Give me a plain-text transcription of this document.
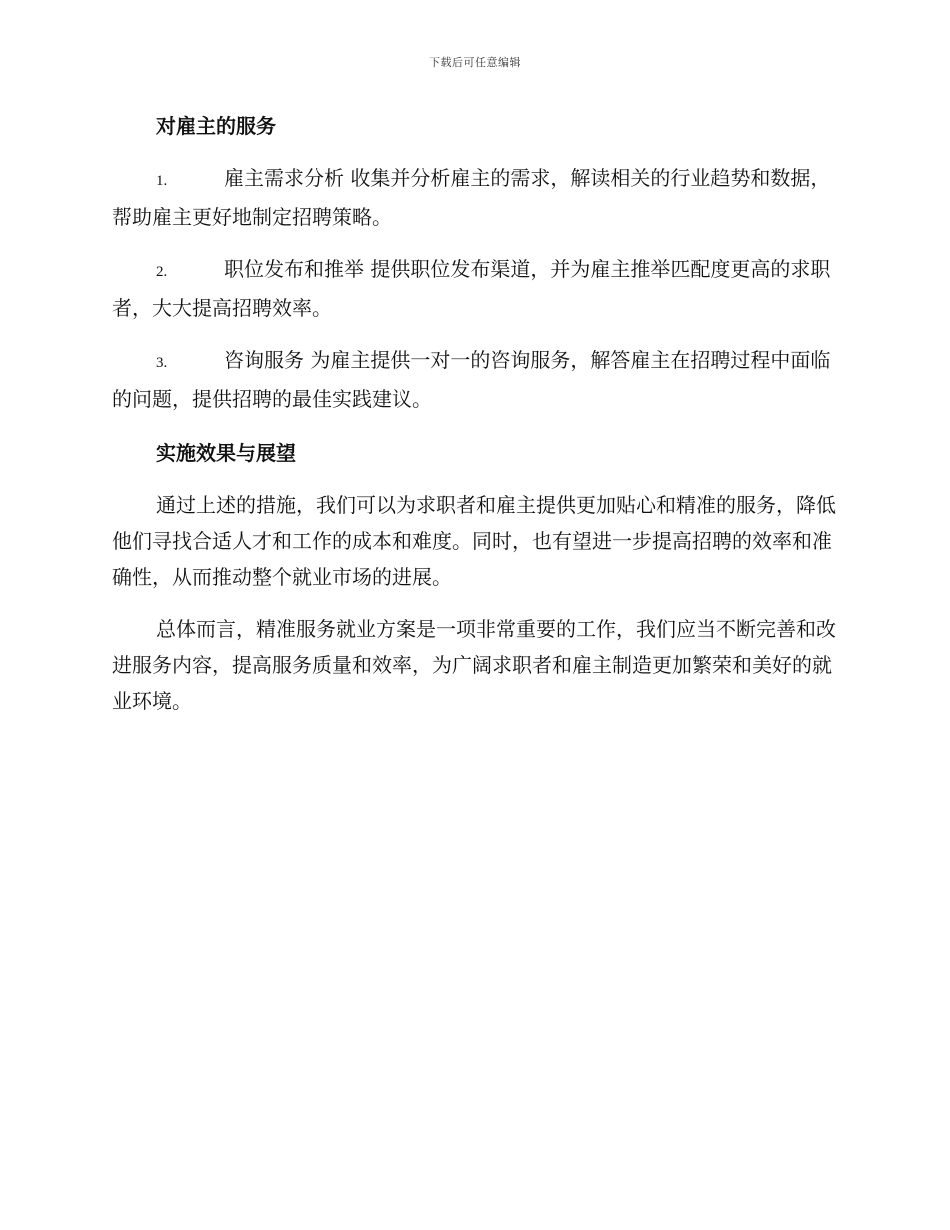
下载后可任意编辑
对雇主的服务
1.	雇主需求分析 收集并分析雇主的需求，解读相关的行业趋势和数据，帮助雇主更好地制定招聘策略。
2.	职位发布和推举 提供职位发布渠道，并为雇主推举匹配度更高的求职者，大大提高招聘效率。
3.	咨询服务 为雇主提供一对一的咨询服务，解答雇主在招聘过程中面临的问题，提供招聘的最佳实践建议。
实施效果与展望

通过上述的措施，我们可以为求职者和雇主提供更加贴心和精准的服务，降低他们寻找合适人才和工作的成本和难度。同时，也有望进一步提高招聘的效率和准确性，从而推动整个就业市场的进展。

总体而言，精准服务就业方案是一项非常重要的工作，我们应当不断完善和改进服务内容，提高服务质量和效率，为广阔求职者和雇主制造更加繁荣和美好的就业环境。
